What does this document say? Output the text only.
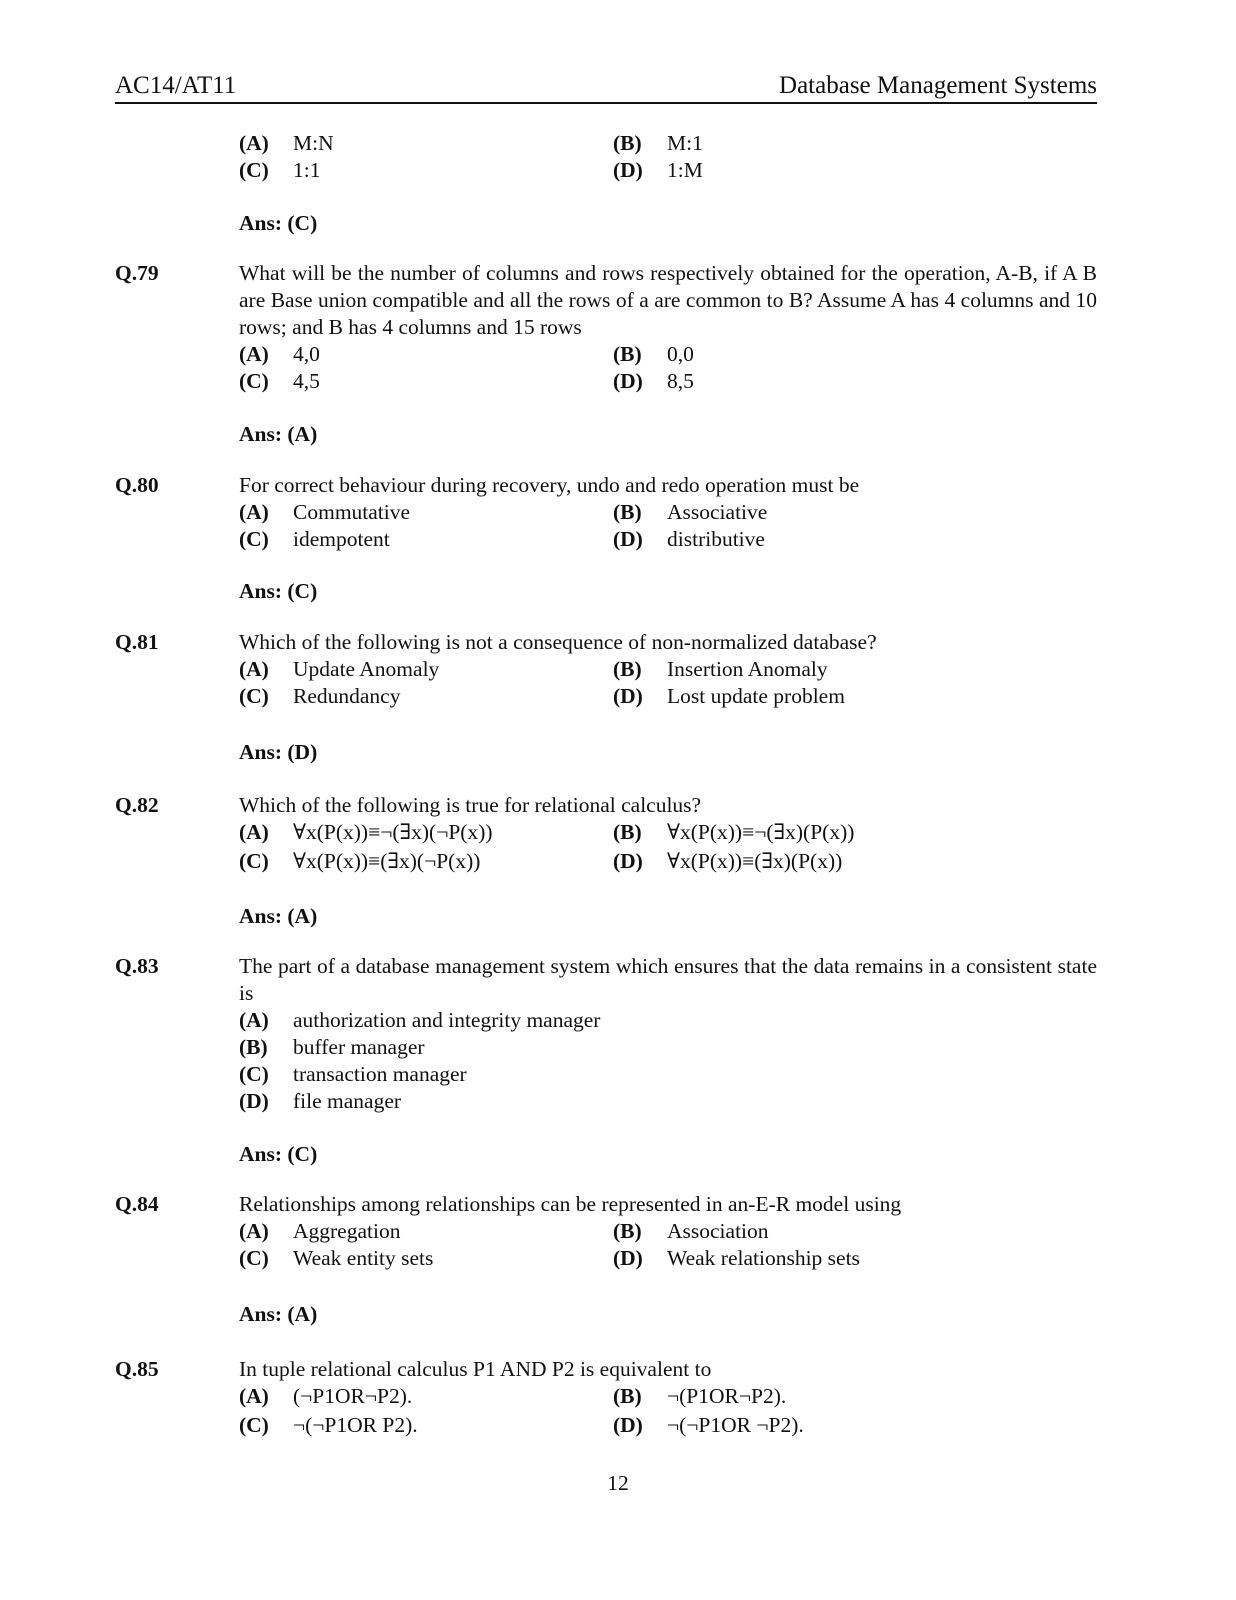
AC14/AT11	Database Management Systems
(A) M:N	(B) M:1
(C) 1:1	(D) 1:M
Ans: (C)
Q.79	What will be the number of columns and rows respectively obtained for the operation, A-B, if A B are Base union compatible and all the rows of a are common to B? Assume A has 4 columns and 10 rows; and B has 4 columns and 15 rows
(A) 4,0	(B) 0,0
(C) 4,5	(D) 8,5
Ans: (A)
Q.80	For correct behaviour during recovery, undo and redo operation must be
(A) Commutative	(B) Associative
(C) idempotent	(D) distributive
Ans: (C)
Q.81	Which of the following is not a consequence of non-normalized database?
(A) Update Anomaly	(B) Insertion Anomaly
(C) Redundancy	(D) Lost update problem
Ans: (D)
Q.82	Which of the following is true for relational calculus?
(A) ∀x(P(x))≡¬(∃x)(¬P(x))	(B) ∀x(P(x))≡¬(∃x)(P(x))
(C) ∀x(P(x))≡(∃x)(¬P(x))	(D) ∀x(P(x))≡(∃x)(P(x))
Ans: (A)
Q.83	The part of a database management system which ensures that the data remains in a consistent state is
(A) authorization and integrity manager
(B) buffer manager
(C) transaction manager
(D) file manager
Ans: (C)
Q.84	Relationships among relationships can be represented in an-E-R model using
(A) Aggregation	(B) Association
(C) Weak entity sets	(D) Weak relationship sets
Ans: (A)
Q.85	In tuple relational calculus P1 AND P2 is equivalent to
(A) (¬P1OR¬P2).	(B) ¬(P1OR¬P2).
(C) ¬(¬P1OR P2).	(D) ¬(¬P1OR ¬P2).
12
